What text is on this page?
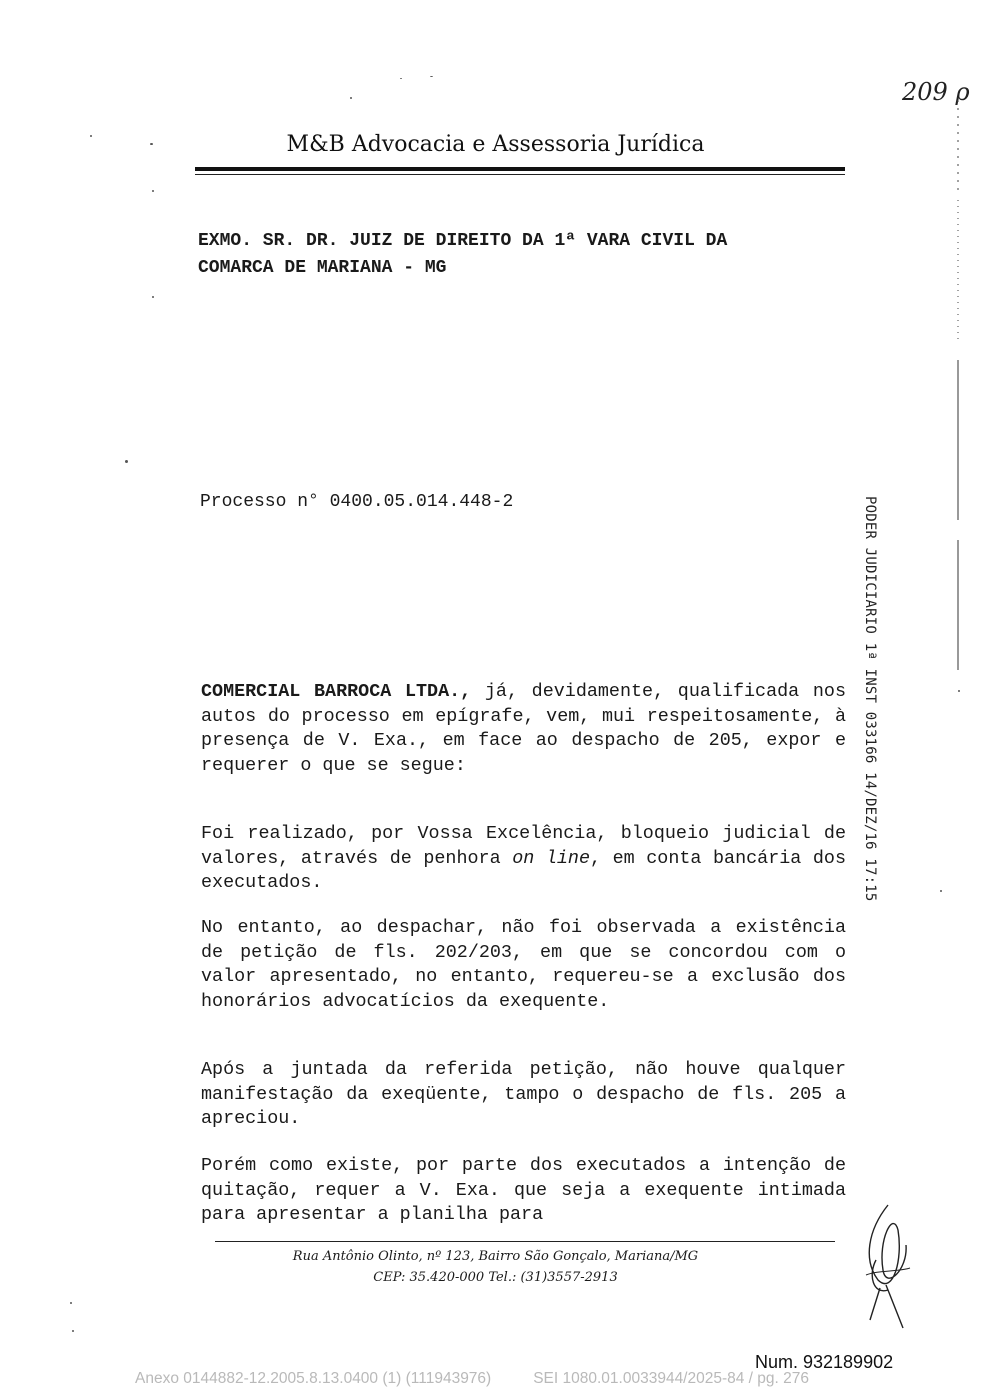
209 ρ
M&B Advocacia e Assessoria Jurídica
EXMO. SR. DR. JUIZ DE DIREITO DA 1ª VARA CIVIL DA
COMARCA DE MARIANA - MG
Processo n° 0400.05.014.448-2
COMERCIAL BARROCA LTDA., já, devidamente, qualificada nos autos do processo em epígrafe, vem, mui respeitosamente, à presença de V. Exa., em face ao despacho de 205, expor e requerer o que se segue:
Foi realizado, por Vossa Excelência, bloqueio judicial de valores, através de penhora on line, em conta bancária dos executados.
No entanto, ao despachar, não foi observada a existência de petição de fls. 202/203, em que se concordou com o valor apresentado, no entanto, requereu-se a exclusão dos honorários advocatícios da exequente.
Após a juntada da referida petição, não houve qualquer manifestação da exeqüente, tampo o despacho de fls. 205 a apreciou.
Porém como existe, por parte dos executados a intenção de quitação, requer a V. Exa. que seja a exequente intimada para apresentar a planilha para
PODER JUDICIARIO 1ª INST 033166 14/DEZ/16 17:15
Rua Antônio Olinto, nº 123, Bairro São Gonçalo, Mariana/MG
CEP: 35.420-000 Tel.: (31)3557-2913
Num. 932189902
Anexo 0144882-12.2005.8.13.0400 (1) (111943976)	SEI 1080.01.0033944/2025-84 / pg. 276
